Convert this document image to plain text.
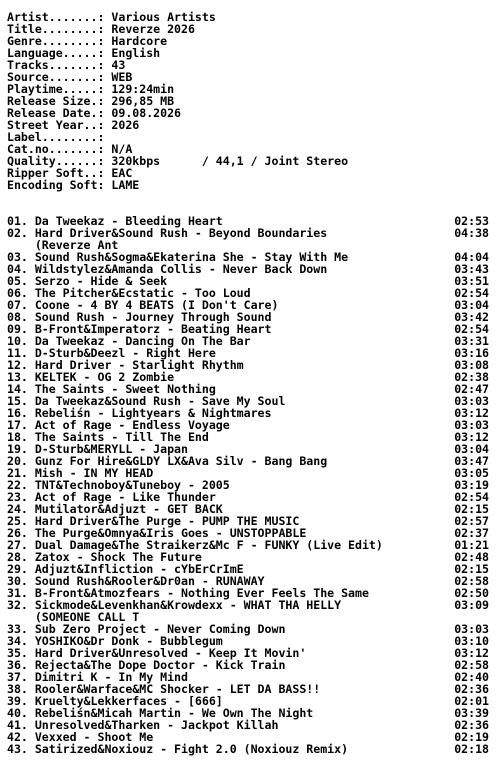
Artist.......: Various Artists
Title........: Reverze 2026
Genre........: Hardcore
Language.....: English
Tracks.......: 43
Source.......: WEB
Playtime.....: 129:24min
Release Size.: 296,85 MB
Release Date.: 09.08.2026
Street Year..: 2026
Label........:
Cat.no.......: N/A
Quality......: 320kbps      / 44,1 / Joint Stereo
Ripper Soft..: EAC
Encoding Soft: LAME
01. Da Tweekaz - Bleeding Heart	02:53
02. Hard Driver&Sound Rush - Beyond Boundaries	04:38
(Reverze Ant
03. Sound Rush&Sogma&Ekaterina She - Stay With Me	04:04
04. Wildstylez&Amanda Collis - Never Back Down	03:43
05. Serzo - Hide & Seek	03:51
06. The Pitcher&Ecstatic - Too Loud	02:54
07. Coone - 4 BY 4 BEATS (I Don't Care)	03:04
08. Sound Rush - Journey Through Sound	03:42
09. B-Front&Imperatorz - Beating Heart	02:54
10. Da Tweekaz - Dancing On The Bar	03:31
11. D-Sturb&Deezl - Right Here	03:16
12. Hard Driver - Starlight Rhythm	03:08
13. KELTEK - OG 2 Zombie	02:38
14. The Saints - Sweet Nothing	02:47
15. Da Tweekaz&Sound Rush - Save My Soul	03:03
16. Rebeliśn - Lightyears & Nightmares	03:12
17. Act of Rage - Endless Voyage	03:03
18. The Saints - Till The End	03:12
19. D-Sturb&MERYLL - Japan	03:04
20. Gunz For Hire&GLDY LX&Ava Silv - Bang Bang	03:47
21. Mish - IN MY HEAD	03:05
22. TNT&Technoboy&Tuneboy - 2005	03:19
23. Act of Rage - Like Thunder	02:54
24. Mutilator&Adjuzt - GET BACK	02:15
25. Hard Driver&The Purge - PUMP THE MUSIC	02:57
26. The Purge&Omnya&Iris Goes - UNSTOPPABLE	02:37
27. Dual Damage&The Straikerz&Mc F - FUNKY (Live Edit)	01:21
28. Zatox - Shock The Future	02:48
29. Adjuzt&Infliction - cYbErCrImE	02:15
30. Sound Rush&Rooler&Dr0an - RUNAWAY	02:58
31. B-Front&Atmozfears - Nothing Ever Feels The Same	02:50
32. Sickmode&Levenkhan&Krowdexx - WHAT THA HELLY	03:09
(SOMEONE CALL T
33. Sub Zero Project - Never Coming Down	03:03
34. YOSHIKO&Dr Donk - Bubblegum	03:10
35. Hard Driver&Unresolved - Keep It Movin'	03:12
36. Rejecta&The Dope Doctor - Kick Train	02:58
37. Dimitri K - In My Mind	02:40
38. Rooler&Warface&MC Shocker - LET DA BASS!!	02:36
39. Kruelty&Lekkerfaces - [666]	02:01
40. Rebeliśn&Micah Martin - We Own The Night	03:39
41. Unresolved&Tharken - Jackpot Killah	02:36
42. Vexxed - Shoot Me	02:19
43. Satirized&Noxiouz - Fight 2.0 (Noxiouz Remix)	02:18
